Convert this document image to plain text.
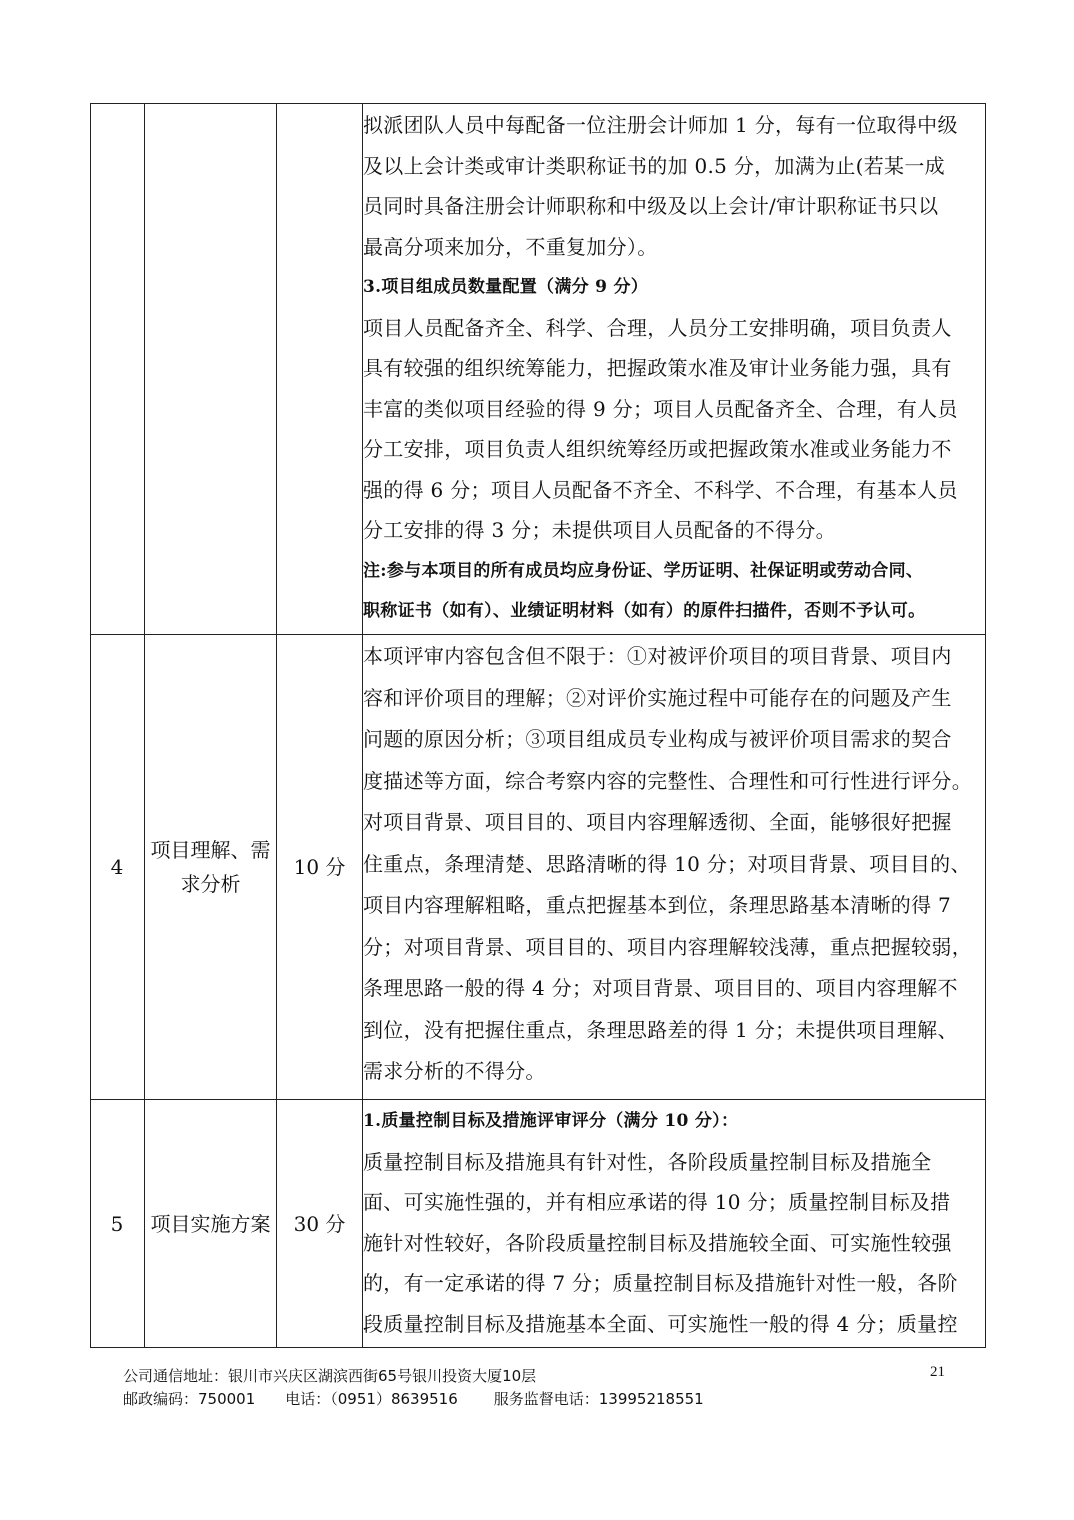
拟派团队人员中每配备一位注册会计师加 1 分，每有一位取得中级
及以上会计类或审计类职称证书的加 0.5 分，加满为止(若某一成
员同时具备注册会计师职称和中级及以上会计/审计职称证书只以
最高分项来加分，不重复加分）。
3.项目组成员数量配置（满分 9 分）
项目人员配备齐全、科学、合理，人员分工安排明确，项目负责人
具有较强的组织统筹能力，把握政策水准及审计业务能力强，具有
丰富的类似项目经验的得 9 分；项目人员配备齐全、合理，有人员
分工安排，项目负责人组织统筹经历或把握政策水准或业务能力不
强的得 6 分；项目人员配备不齐全、不科学、不合理，有基本人员
分工安排的得 3 分；未提供项目人员配备的不得分。
注:参与本项目的所有成员均应身份证、学历证明、社保证明或劳动合同、
职称证书（如有）、业绩证明材料（如有）的原件扫描件，否则不予认可。
4
项目理解、需求分析
10 分
本项评审内容包含但不限于：①对被评价项目的项目背景、项目内
容和评价项目的理解；②对评价实施过程中可能存在的问题及产生
问题的原因分析；③项目组成员专业构成与被评价项目需求的契合
度描述等方面，综合考察内容的完整性、合理性和可行性进行评分。
对项目背景、项目目的、项目内容理解透彻、全面，能够很好把握
住重点，条理清楚、思路清晰的得 10 分；对项目背景、项目目的、
项目内容理解粗略，重点把握基本到位，条理思路基本清晰的得 7
分；对项目背景、项目目的、项目内容理解较浅薄，重点把握较弱，
条理思路一般的得 4 分；对项目背景、项目目的、项目内容理解不
到位，没有把握住重点，条理思路差的得 1 分；未提供项目理解、
需求分析的不得分。
5	项目实施方案	30 分
1.质量控制目标及措施评审评分（满分 10 分）：
质量控制目标及措施具有针对性，各阶段质量控制目标及措施全
面、可实施性强的，并有相应承诺的得 10 分；质量控制目标及措
施针对性较好，各阶段质量控制目标及措施较全面、可实施性较强
的，有一定承诺的得 7 分；质量控制目标及措施针对性一般，各阶
段质量控制目标及措施基本全面、可实施性一般的得 4 分；质量控
公司通信地址：银川市兴庆区湖滨西街65号银川投资大厦10层
邮政编码：750001 电话：（0951）8639516 服务监督电话：13995218551
21
